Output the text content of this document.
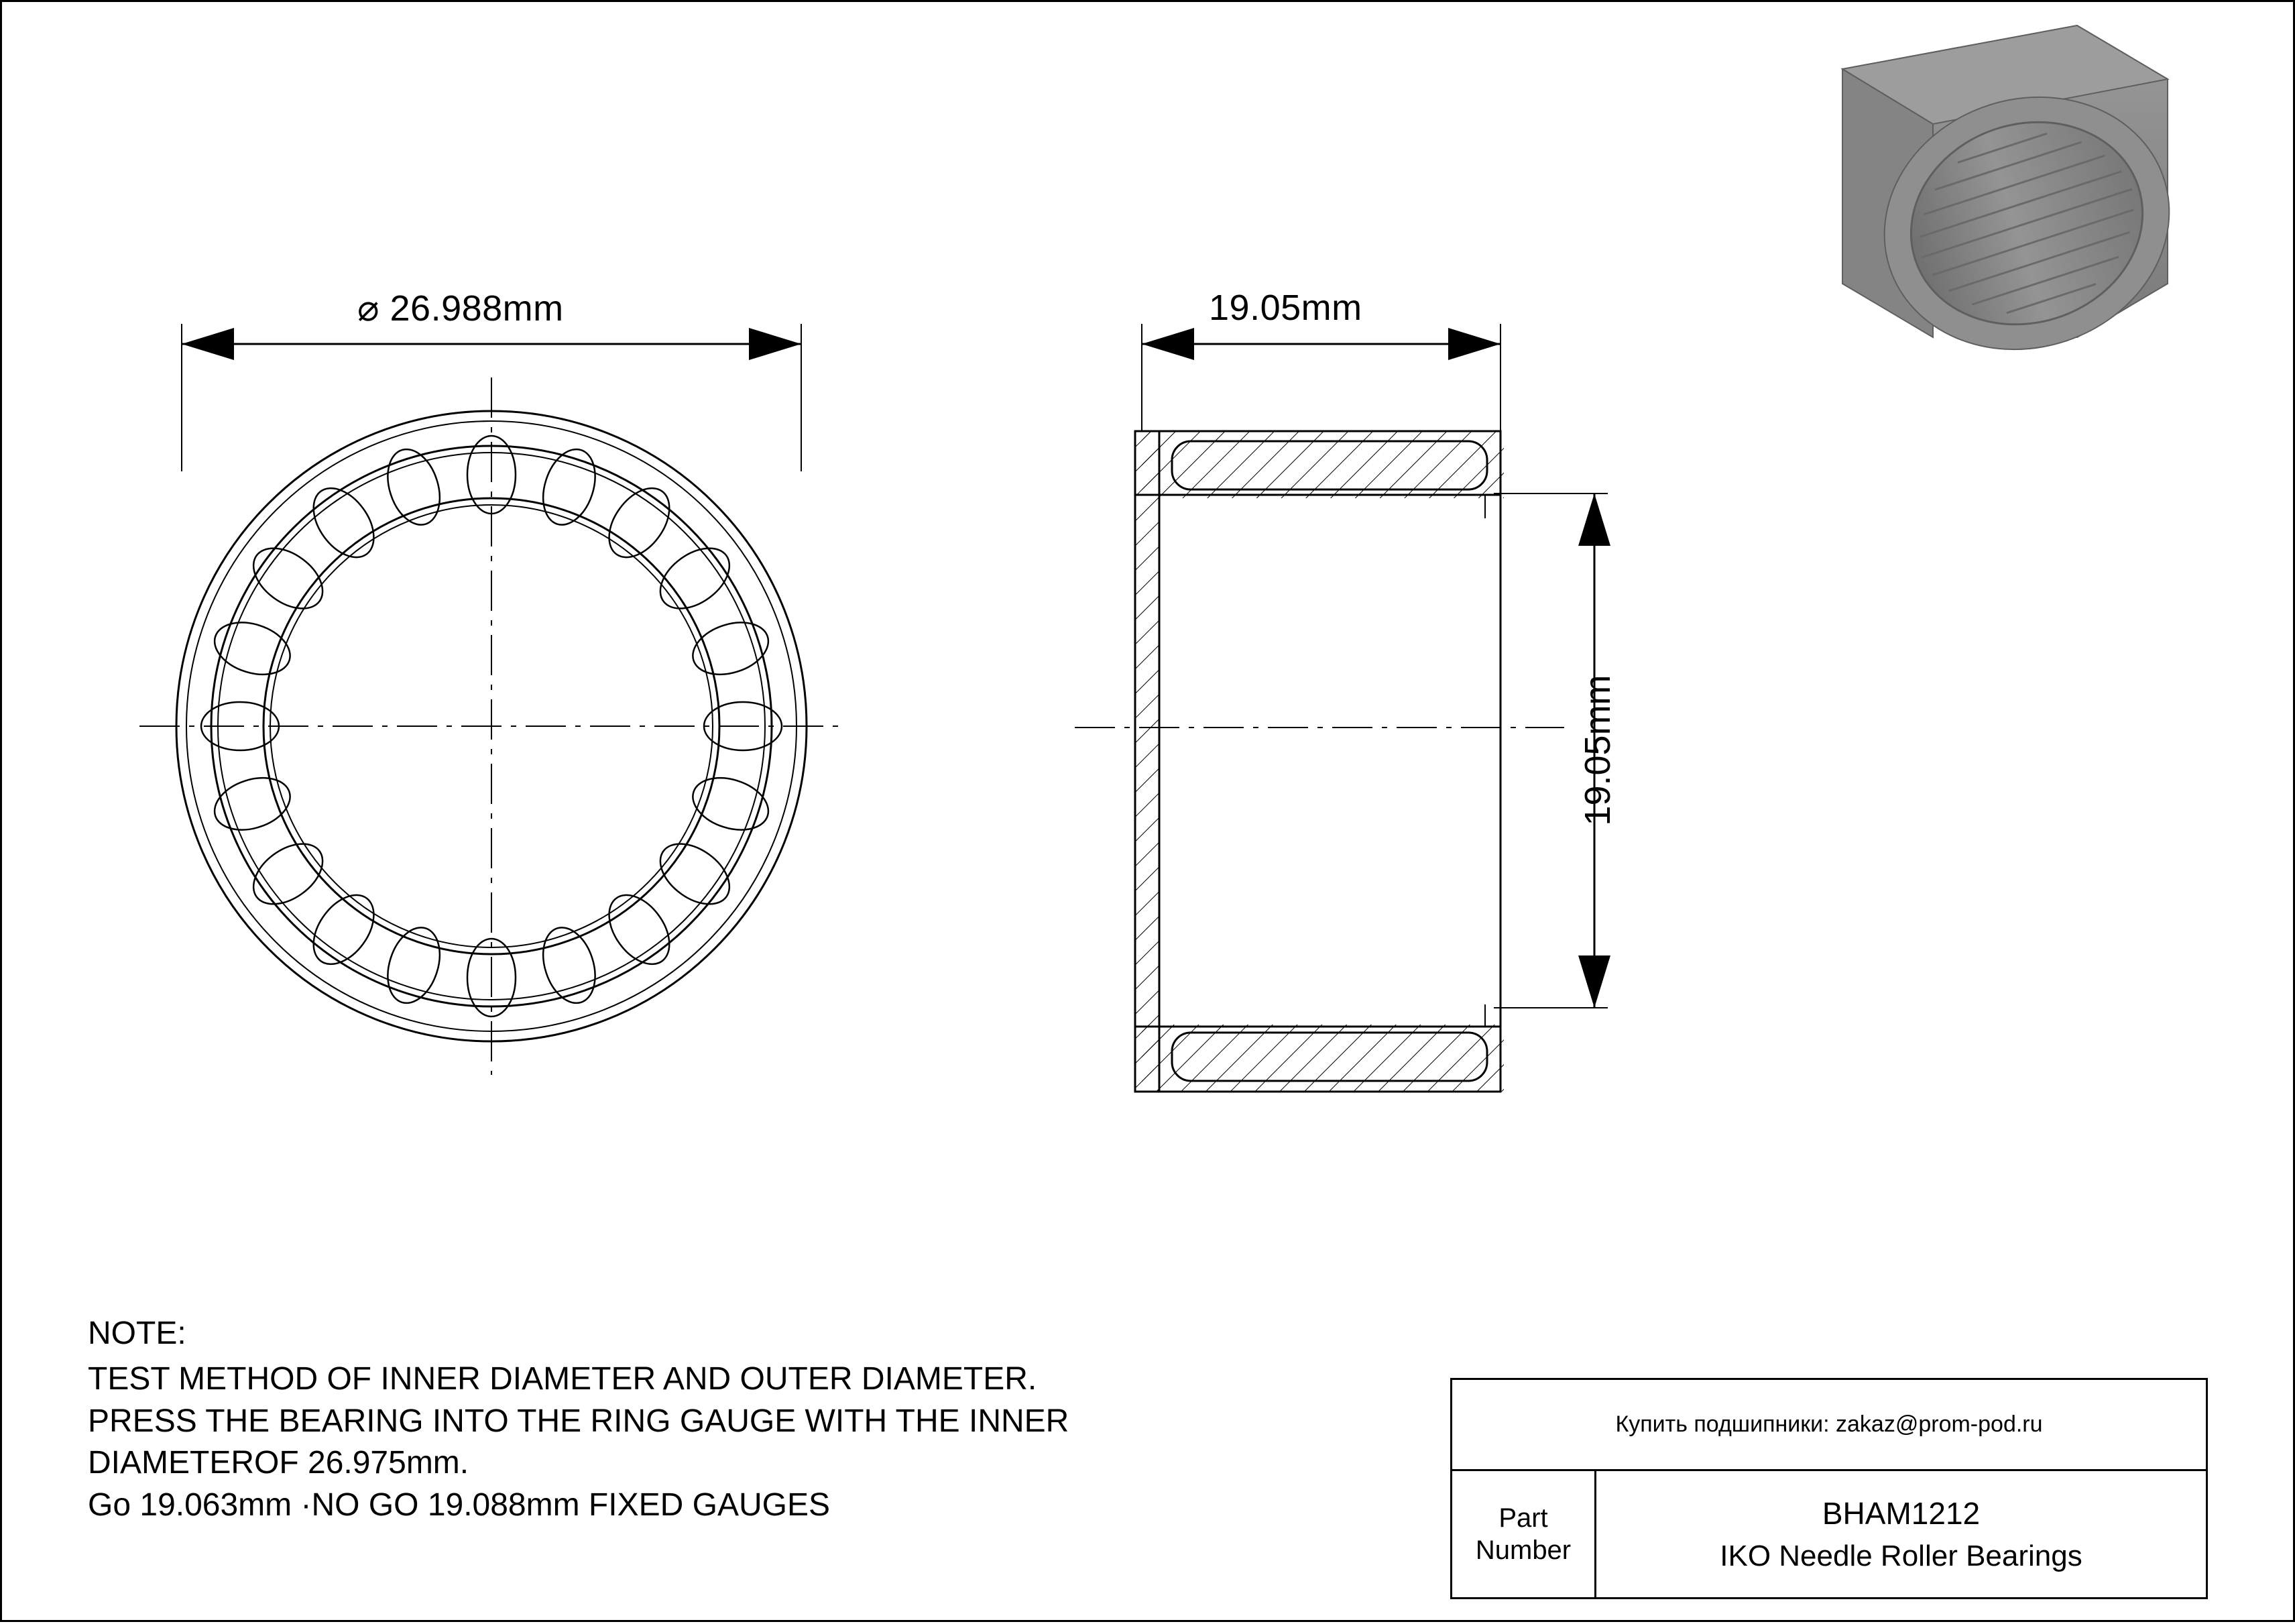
⌀ 26.988mm	19.05mm
19.05mm
NOTE:
TEST METHOD OF INNER DIAMETER AND OUTER DIAMETER.
PRESS THE BEARING INTO THE RING GAUGE WITH THE INNER
DIAMETEROF 26.975mm.
Go 19.063mm ·NO GO 19.088mm FIXED GAUGES
Купить подшипники: zakaz@prom-pod.ru
Part
Number
BHAM1212
IKO Needle Roller Bearings
